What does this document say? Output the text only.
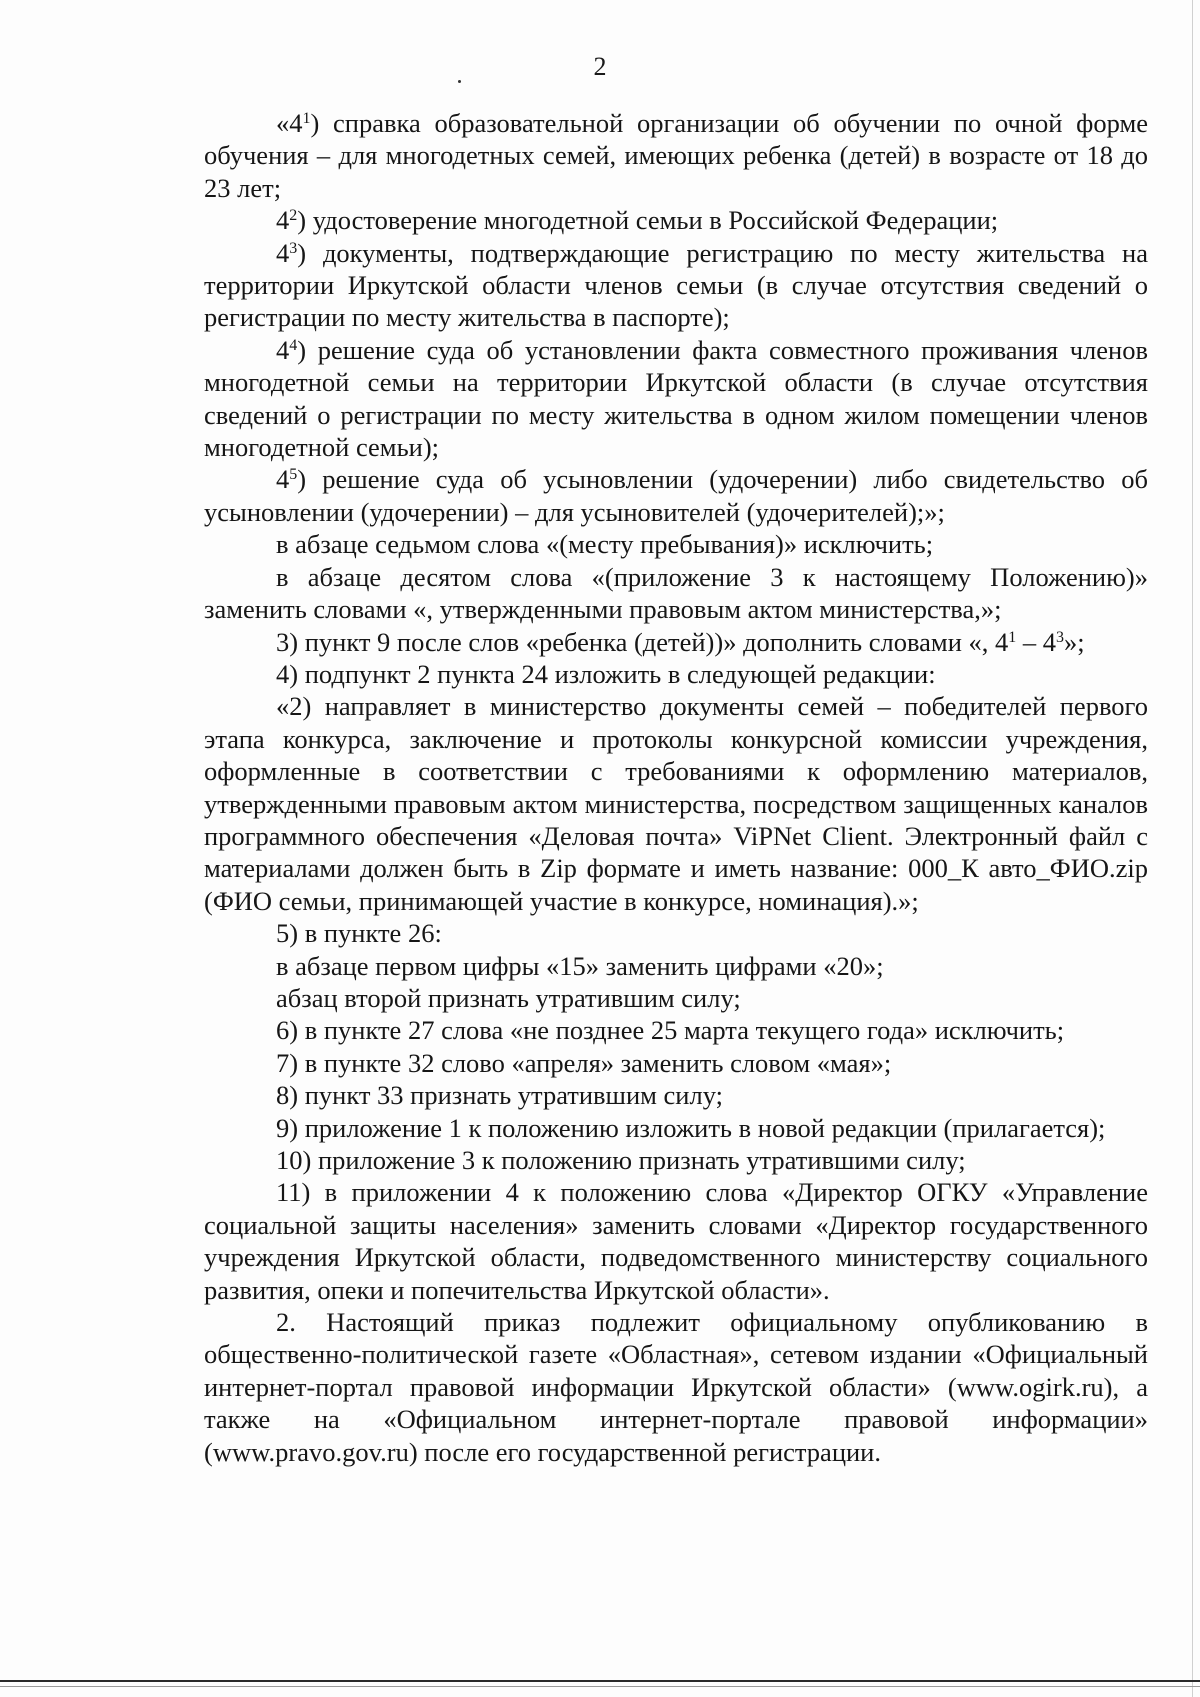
2

«$4^1$) справка образовательной организации об обучении по очной форме обучения – для многодетных семей, имеющих ребенка (детей) в возрасте от 18 до 23 лет;

$4^2$) удостоверение многодетной семьи в Российской Федерации;

$4^3$) документы, подтверждающие регистрацию по месту жительства на территории Иркутской области членов семьи (в случае отсутствия сведений о регистрации по месту жительства в паспорте);

$4^4$) решение суда об установлении факта совместного проживания членов многодетной семьи на территории Иркутской области (в случае отсутствия сведений о регистрации по месту жительства в одном жилом помещении членов многодетной семьи);

$4^5$) решение суда об усыновлении (удочерении) либо свидетельство об усыновлении (удочерении) – для усыновителей (удочерителей);»;

в абзаце седьмом слова «(месту пребывания)» исключить;

в абзаце десятом слова «(приложение 3 к настоящему Положению)» заменить словами «, утвержденными правовым актом министерства,»;

3) пункт 9 после слов «ребенка (детей))» дополнить словами «, $4^1 - 4^3$»;

4) подпункт 2 пункта 24 изложить в следующей редакции:

«2) направляет в министерство документы семей – победителей первого этапа конкурса, заключение и протоколы конкурсной комиссии учреждения, оформленные в соответствии с требованиями к оформлению материалов, утвержденными правовым актом министерства, посредством защищенных каналов программного обеспечения «Деловая почта» ViPNet Client. Электронный файл с материалами должен быть в Zip формате и иметь название: 000_К авто_ФИО.zip (ФИО семьи, принимающей участие в конкурсе, номинация).»;

5) в пункте 26:

в абзаце первом цифры «15» заменить цифрами «20»;

абзац второй признать утратившим силу;

6) в пункте 27 слова «не позднее 25 марта текущего года» исключить;

7) в пункте 32 слово «апреля» заменить словом «мая»;

8) пункт 33 признать утратившим силу;

9) приложение 1 к положению изложить в новой редакции (прилагается);

10) приложение 3 к положению признать утратившими силу;

11) в приложении 4 к положению слова «Директор ОГКУ «Управление социальной защиты населения» заменить словами «Директор государственного учреждения Иркутской области, подведомственного министерству социального развития, опеки и попечительства Иркутской области».

2. Настоящий приказ подлежит официальному опубликованию в общественно-политической газете «Областная», сетевом издании «Официальный интернет-портал правовой информации Иркутской области» (www.ogirk.ru), а также на «Официальном интернет-портале правовой информации» (www.pravo.gov.ru) после его государственной регистрации.
